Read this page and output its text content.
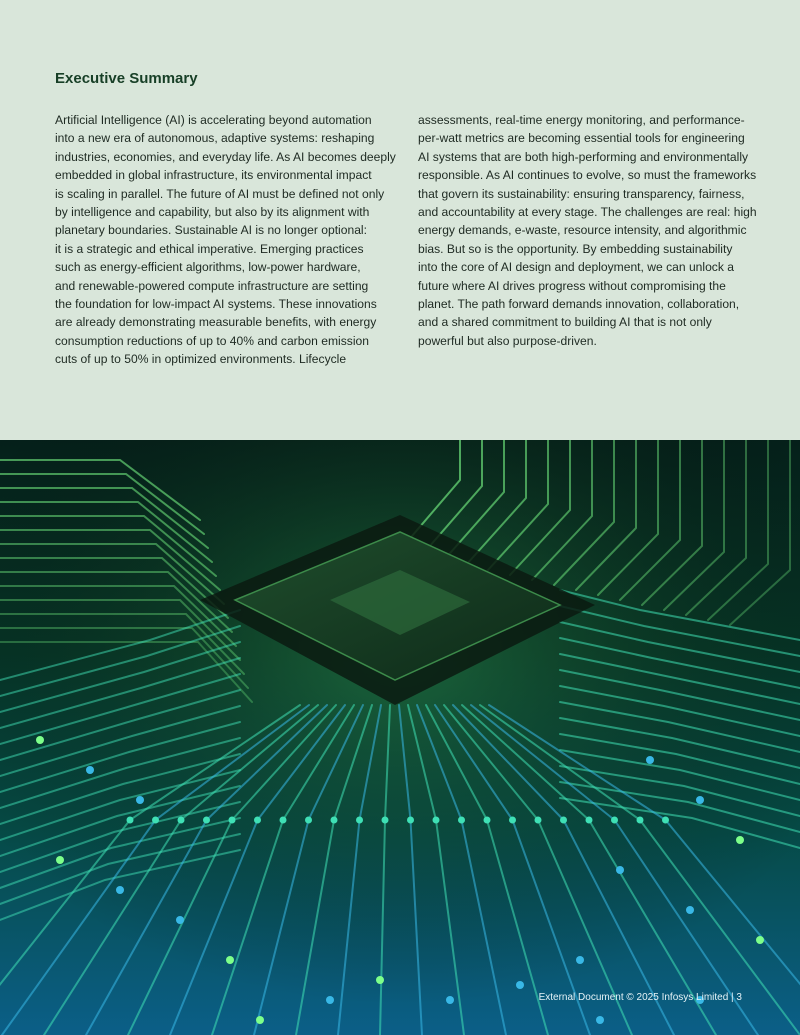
Executive Summary
Artificial Intelligence (AI) is accelerating beyond automation
into a new era of autonomous, adaptive systems: reshaping
industries, economies, and everyday life. As AI becomes deeply
embedded in global infrastructure, its environmental impact
is scaling in parallel. The future of AI must be defined not only
by intelligence and capability, but also by its alignment with
planetary boundaries. Sustainable AI is no longer optional:
it is a strategic and ethical imperative. Emerging practices
such as energy-efficient algorithms, low-power hardware,
and renewable-powered compute infrastructure are setting
the foundation for low-impact AI systems. These innovations
are already demonstrating measurable benefits, with energy
consumption reductions of up to 40% and carbon emission
cuts of up to 50% in optimized environments. Lifecycle
assessments, real-time energy monitoring, and performance-
per-watt metrics are becoming essential tools for engineering
AI systems that are both high-performing and environmentally
responsible. As AI continues to evolve, so must the frameworks
that govern its sustainability: ensuring transparency, fairness,
and accountability at every stage. The challenges are real: high
energy demands, e-waste, resource intensity, and algorithmic
bias. But so is the opportunity. By embedding sustainability
into the core of AI design and deployment, we can unlock a
future where AI drives progress without compromising the
planet. The path forward demands innovation, collaboration,
and a shared commitment to building AI that is not only
powerful but also purpose-driven.
External Document © 2025 Infosys Limited | 3
